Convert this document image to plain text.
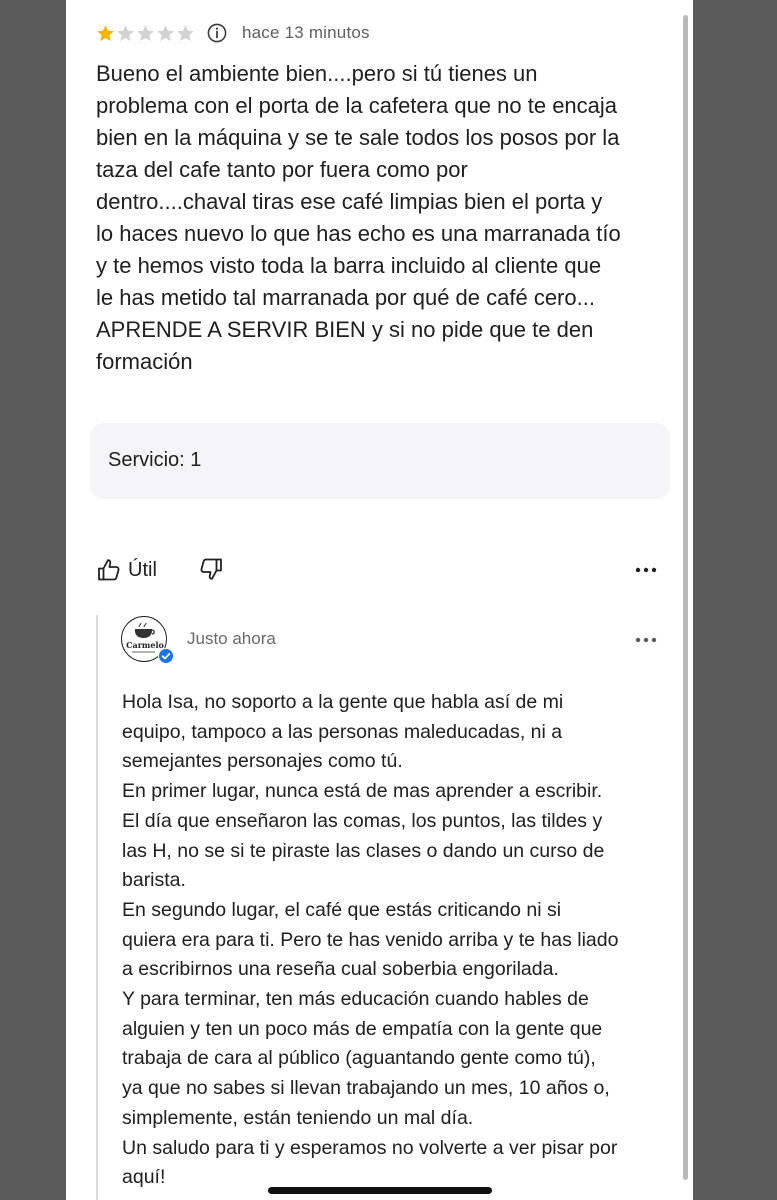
hace 13 minutos
Bueno el ambiente bien....pero si tú tienes un
problema con el porta de la cafetera que no te encaja
bien en la máquina y se te sale todos los posos por la
taza del cafe tanto por fuera como por
dentro....chaval tiras ese café limpias bien el porta y
lo haces nuevo lo que has echo es una marranada tío
y te hemos visto toda la barra incluido al cliente que
le has metido tal marranada por qué de café cero...
APRENDE A SERVIR BIEN y si no pide que te den
formación
Servicio: 1
Útil
Carmelo Justo ahora
Hola Isa, no soporto a la gente que habla así de mi
equipo, tampoco a las personas maleducadas, ni a
semejantes personajes como tú.
En primer lugar, nunca está de mas aprender a escribir.
El día que enseñaron las comas, los puntos, las tildes y
las H, no se si te piraste las clases o dando un curso de
barista.
En segundo lugar, el café que estás criticando ni si
quiera era para ti. Pero te has venido arriba y te has liado
a escribirnos una reseña cual soberbia engorilada.
Y para terminar, ten más educación cuando hables de
alguien y ten un poco más de empatía con la gente que
trabaja de cara al público (aguantando gente como tú),
ya que no sabes si llevan trabajando un mes, 10 años o,
simplemente, están teniendo un mal día.
Un saludo para ti y esperamos no volverte a ver pisar por
aquí!
